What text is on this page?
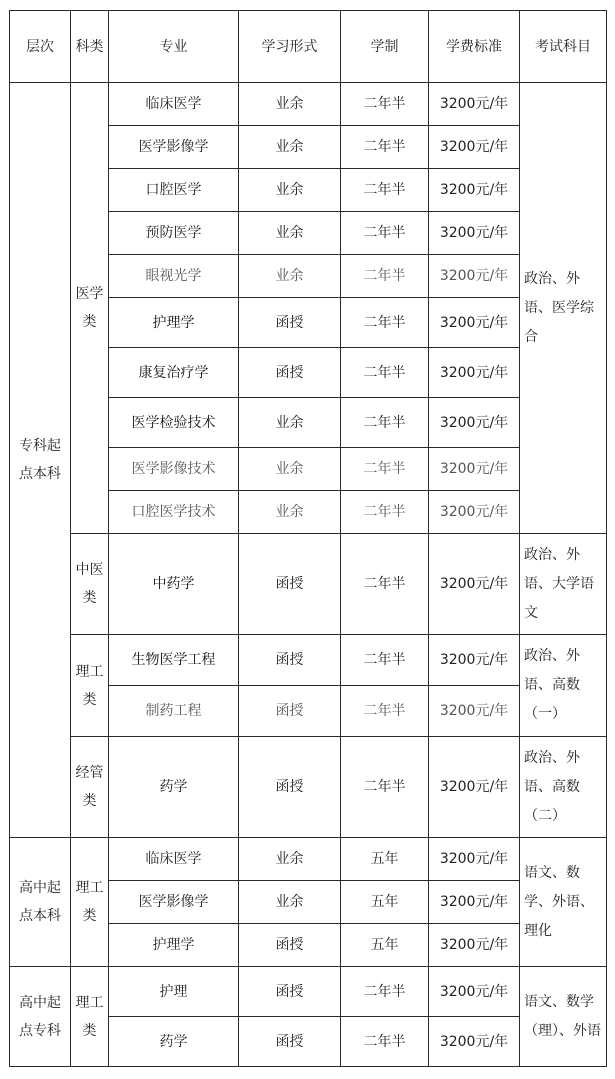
层次	科类	专业	学习形式	学制	学费标准	考试科目
专科起点本科	医学类	临床医学	业余	二年半	3200元/年	政治、外语、医学综合
		医学影像学	业余	二年半	3200元/年	
		口腔医学	业余	二年半	3200元/年	
		预防医学	业余	二年半	3200元/年	
		眼视光学	业余	二年半	3200元/年	
		护理学	函授	二年半	3200元/年	
		康复治疗学	函授	二年半	3200元/年	
		医学检验技术	业余	二年半	3200元/年	
		医学影像技术	业余	二年半	3200元/年	
		口腔医学技术	业余	二年半	3200元/年	
	中医类	中药学	函授	二年半	3200元/年	政治、外语、大学语文
	理工类	生物医学工程	函授	二年半	3200元/年	政治、外语、高数（一）
		制药工程	函授	二年半	3200元/年	
	经管类	药学	函授	二年半	3200元/年	政治、外语、高数（二）
高中起点本科	理工类	临床医学	业余	五年	3200元/年	语文、数学、外语、理化
		医学影像学	业余	五年	3200元/年	
		护理学	函授	五年	3200元/年	
高中起点专科	理工类	护理	函授	二年半	3200元/年	语文、数学（理）、外语
		药学	函授	二年半	3200元/年	
